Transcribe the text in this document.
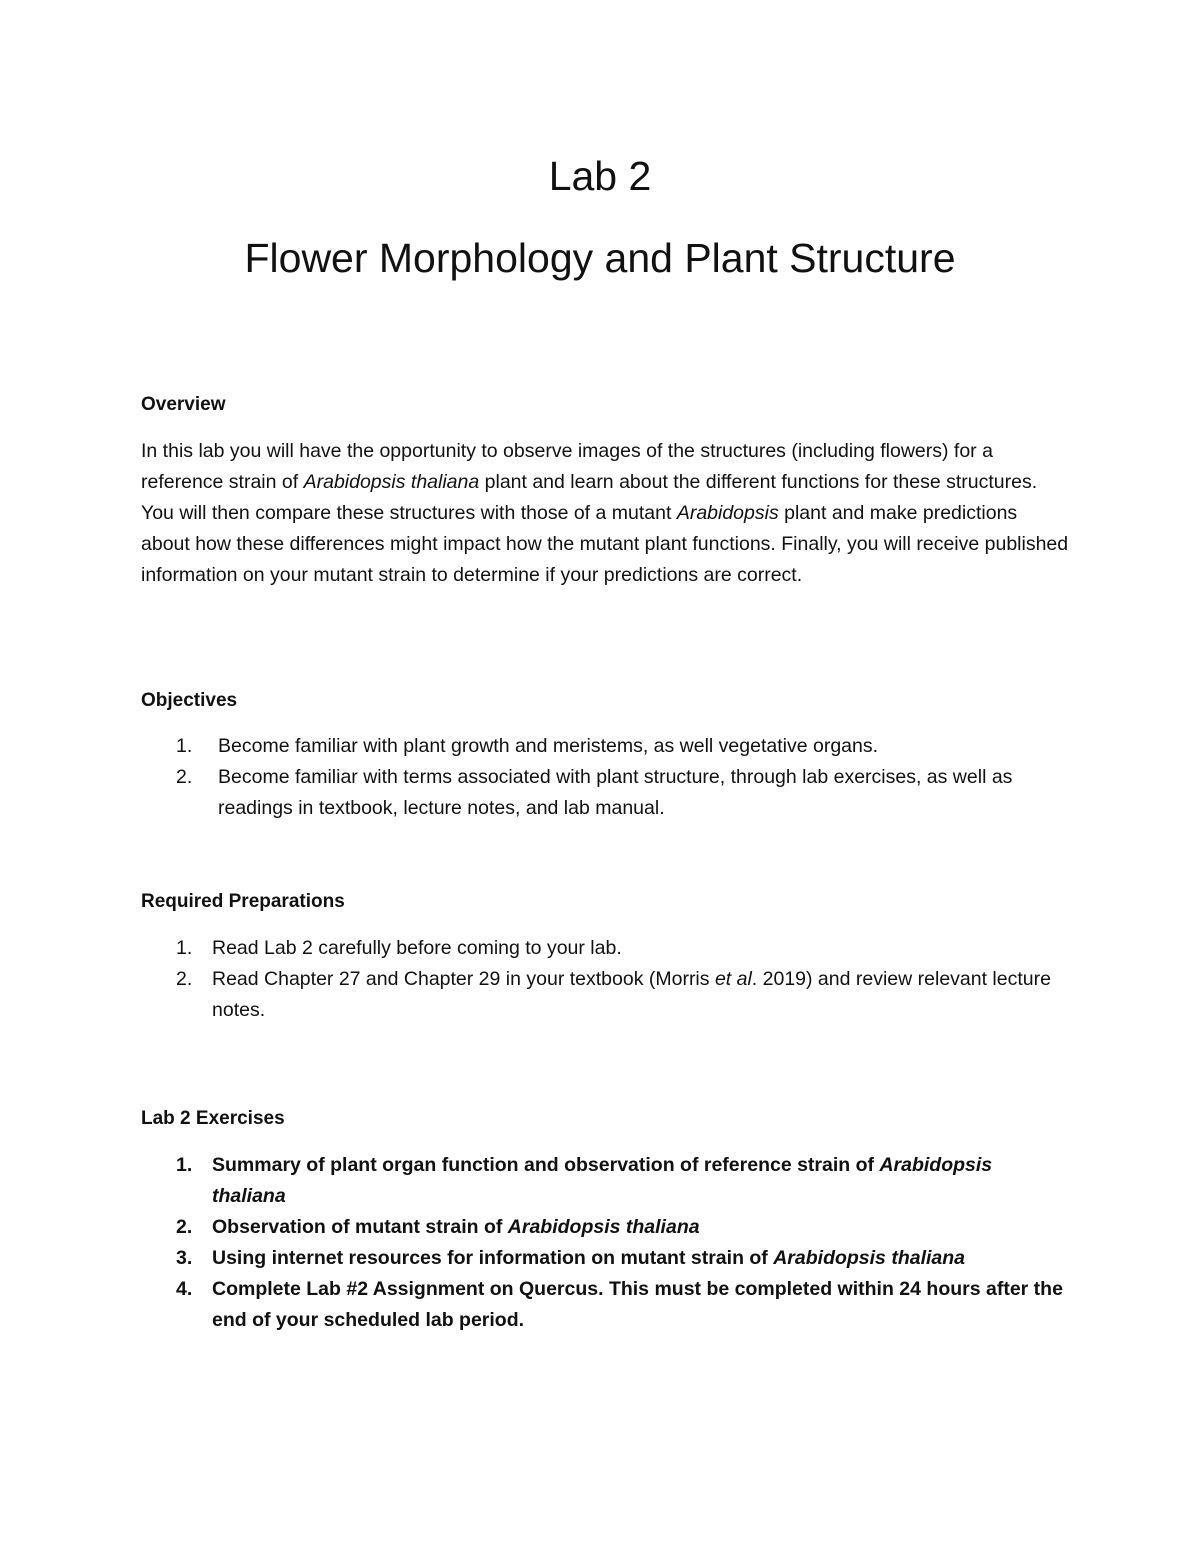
Lab 2
Flower Morphology and Plant Structure
Overview

In this lab you will have the opportunity to observe images of the structures (including flowers) for a reference strain of Arabidopsis thaliana plant and learn about the different functions for these structures. You will then compare these structures with those of a mutant Arabidopsis plant and make predictions about how these differences might impact how the mutant plant functions. Finally, you will receive published information on your mutant strain to determine if your predictions are correct.

Objectives
1. Become familiar with plant growth and meristems, as well vegetative organs.
2. Become familiar with terms associated with plant structure, through lab exercises, as well as readings in textbook, lecture notes, and lab manual.
Required Preparations
1. Read Lab 2 carefully before coming to your lab.
2. Read Chapter 27 and Chapter 29 in your textbook (Morris et al. 2019) and review relevant lecture notes.
Lab 2 Exercises
1. Summary of plant organ function and observation of reference strain of Arabidopsis thaliana
2. Observation of mutant strain of Arabidopsis thaliana
3. Using internet resources for information on mutant strain of Arabidopsis thaliana
4. Complete Lab #2 Assignment on Quercus. This must be completed within 24 hours after the end of your scheduled lab period.
